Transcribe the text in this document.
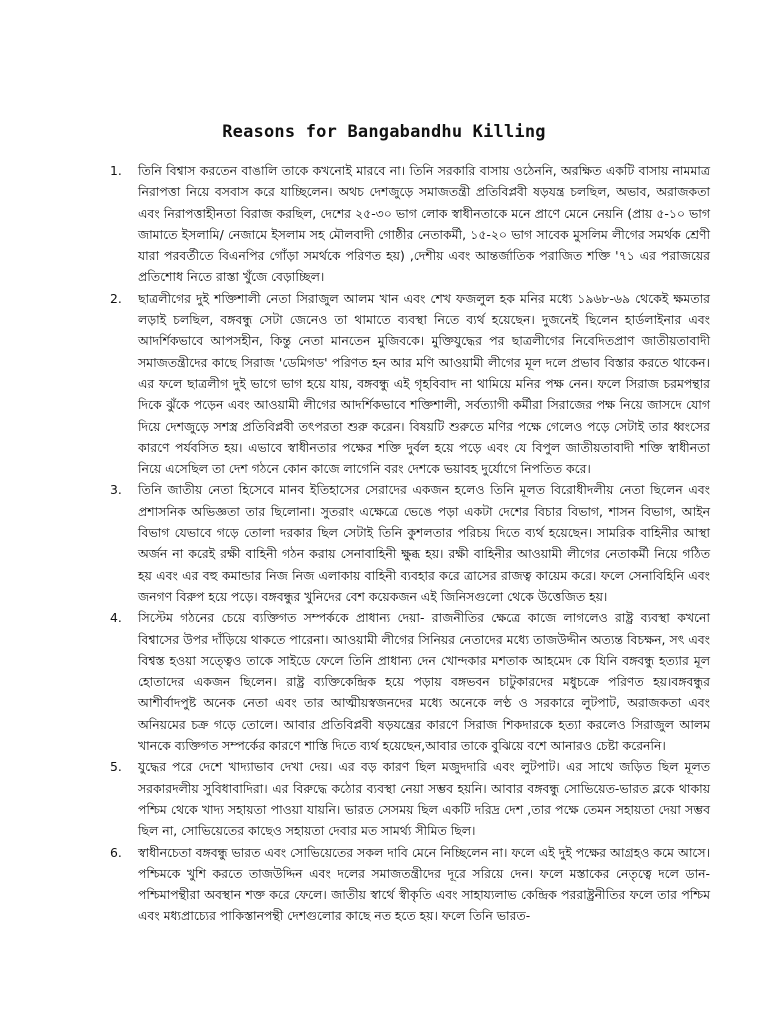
Reasons for Bangabandhu Killing
1.	তিনি বিশ্বাস করতেন বাঙালি তাকে কখনোই মারবে না। তিনি সরকারি বাসায় ওঠেননি, অরক্ষিত একটি বাসায় নামমাত্র নিরাপত্তা নিয়ে বসবাস করে যাচ্ছিলেন। অথচ দেশজুড়ে সমাজতন্ত্রী প্রতিবিপ্লবী ষড়যন্ত্র চলছিল, অভাব, অরাজকতা এবং নিরাপত্তাহীনতা বিরাজ করছিল, দেশের ২৫-৩০ ভাগ লোক স্বাধীনতাকে মনে প্রাণে মেনে নেয়নি (প্রায় ৫-১০ ভাগ জামাতে ইসলামি/ নেজামে ইসলাম সহ মৌলবাদী গোষ্ঠীর নেতাকর্মী, ১৫-২০ ভাগ সাবেক মুসলিম লীগের সমর্থক শ্রেণী যারা পরবর্তীতে বিএনপির গোঁড়া সমর্থকে পরিণত হয়) ,দেশীয় এবং আন্তর্জাতিক পরাজিত শক্তি '৭১ এর পরাজয়ের প্রতিশোধ নিতে রাস্তা খুঁজে বেড়াচ্ছিল।
2.	ছাত্রলীগের দুই শক্তিশালী নেতা সিরাজুল আলম খান এবং শেখ ফজলুল হক মনির মধ্যে ১৯৬৮-৬৯ থেকেই ক্ষমতার লড়াই চলছিল, বঙ্গবন্ধু সেটা জেনেও তা থামাতে ব্যবস্থা নিতে ব্যর্থ হয়েছেন। দুজনেই ছিলেন হার্ডলাইনার এবং আদর্শিকভাবে আপসহীন, কিন্তু নেতা মানতেন মুজিবকে। মুক্তিযুদ্ধের পর ছাত্রলীগের নিবেদিতপ্রাণ জাতীয়তাবাদী সমাজতন্ত্রীদের কাছে সিরাজ 'ডেমিগড' পরিণত হন আর মণি আওয়ামী লীগের মূল দলে প্রভাব বিস্তার করতে থাকেন।এর ফলে ছাত্রলীগ দুই ভাগে ভাগ হয়ে যায়, বঙ্গবন্ধু এই গৃহবিবাদ না থামিয়ে মনির পক্ষ নেন। ফলে সিরাজ চরমপন্থার দিকে ঝুঁকে পড়েন এবং আওয়ামী লীগের আদর্শিকভাবে শক্তিশালী, সর্বত্যাগী কর্মীরা সিরাজের পক্ষ নিয়ে জাসদে যোগ দিয়ে দেশজুড়ে সশস্ত্র প্রতিবিপ্লবী তৎপরতা শুরু করেন। বিষয়টি শুরুতে মণির পক্ষে গেলেও পড়ে সেটাই তার ধ্বংসের কারণে পর্যবসিত হয়। এভাবে স্বাধীনতার পক্ষের শক্তি দুর্বল হয়ে পড়ে এবং যে বিপুল জাতীয়তাবাদী শক্তি স্বাধীনতা নিয়ে এসেছিল তা দেশ গঠনে কোন কাজে লাগেনি বরং দেশকে ভয়াবহ দুর্যোগে নিপতিত করে।
3.	তিনি জাতীয় নেতা হিসেবে মানব ইতিহাসের সেরাদের একজন হলেও তিনি মূলত বিরোধীদলীয় নেতা ছিলেন এবং প্রশাসনিক অভিজ্ঞতা তার ছিলোনা। সুতরাং এক্ষেত্রে ভেঙে পড়া একটা দেশের বিচার বিভাগ, শাসন বিভাগ, আইন বিভাগ যেভাবে গড়ে তোলা দরকার ছিল সেটাই তিনি কুশলতার পরিচয় দিতে ব্যর্থ হয়েছেন। সামরিক বাহিনীর আস্থা অর্জন না করেই রক্ষী বাহিনী গঠন করায় সেনাবাহিনী ক্ষুব্ধ হয়। রক্ষী বাহিনীর আওয়ামী লীগের নেতাকর্মী নিয়ে গঠিত হয় এবং এর বহু কমান্ডার নিজ নিজ এলাকায় বাহিনী ব্যবহার করে ত্রাসের রাজত্ব কায়েম করে। ফলে সেনাবিহিনি এবং জনগণ বিরুপ হয়ে পড়ে। বঙ্গবন্ধুর খুনিদের বেশ কয়েকজন এই জিনিসগুলো থেকে উত্তেজিত হয়।
4.	সিস্টেম গঠনের চেয়ে ব্যক্তিগত সম্পর্ককে প্রাধান্য দেয়া- রাজনীতির ক্ষেত্রে কাজে লাগলেও রাষ্ট্র ব্যবস্থা কখনো বিশ্বাসের উপর দাঁড়িয়ে থাকতে পারেনা। আওয়ামী লীগের সিনিয়র নেতাদের মধ্যে তাজউদ্দীন অত্যন্ত বিচক্ষন, সৎ এবং বিশ্বস্ত হওয়া সত্ত্বেও তাকে সাইডে ফেলে তিনি প্রাধান্য দেন খোন্দকার মশতাক আহমেদ কে যিনি বঙ্গবন্ধু হত্যার মূল হোতাদের একজন ছিলেন। রাষ্ট্র ব্যক্তিকেন্দ্রিক হয়ে পড়ায় বঙ্গভবন চাটুকারদের মধুচক্রে পরিণত হয়।বঙ্গবন্ধুর আশীর্বাদপুষ্ট অনেক নেতা এবং তার আত্মীয়স্বজনদের মধ্যে অনেকে লণ্ঠ ও সরকারে লুটপাট, অরাজকতা এবং অনিয়মের চক্র গড়ে তোলে। আবার প্রতিবিপ্লবী ষড়যন্ত্রের কারণে সিরাজ শিকদারকে হত্যা করলেও সিরাজুল আলম খানকে ব্যক্তিগত সম্পর্কের কারণে শাস্তি দিতে ব্যর্থ হয়েছেন,আবার তাকে বুঝিয়ে বশে আনারও চেষ্টা করেননি।
5.	যুদ্ধের পরে দেশে খাদ্যাভাব দেখা দেয়। এর বড় কারণ ছিল মজুদদারি এবং লুটপাট। এর সাথে জড়িত ছিল মূলত সরকারদলীয় সুবিধাবাদিরা। এর বিরুদ্ধে কঠোর ব্যবস্থা নেয়া সম্ভব হয়নি। আবার বঙ্গবন্ধু সোভিয়েত-ভারত ব্লকে থাকায় পশ্চিম থেকে খাদ্য সহায়তা পাওয়া যায়নি। ভারত সেসময় ছিল একটি দরিদ্র দেশ ,তার পক্ষে তেমন সহায়তা দেয়া সম্ভব ছিল না, সোভিয়েতের কাছেও সহায়তা দেবার মত সামর্থ্য সীমিত ছিল।
6.	স্বাধীনচেতা বঙ্গবন্ধু ভারত এবং সোভিয়েতের সকল দাবি মেনে নিচ্ছিলেন না। ফলে এই দুই পক্ষের আগ্রহও কমে আসে। পশ্চিমকে খুশি করতে তাজউদ্দিন এবং দলের সমাজতন্ত্রীদের দূরে সরিয়ে দেন। ফলে মস্তাকের নেতৃত্বে দলে ডান-পশ্চিমাপন্থীরা অবস্থান শক্ত করে ফেলে। জাতীয় স্বার্থে স্বীকৃতি এবং সাহায্যলাভ কেন্দ্রিক পররাষ্ট্রনীতির ফলে তার পশ্চিম এবং মধ্যপ্রাচ্যের পাকিস্তানপন্থী দেশগুলোর কাছে নত হতে হয়। ফলে তিনি ভারত-
